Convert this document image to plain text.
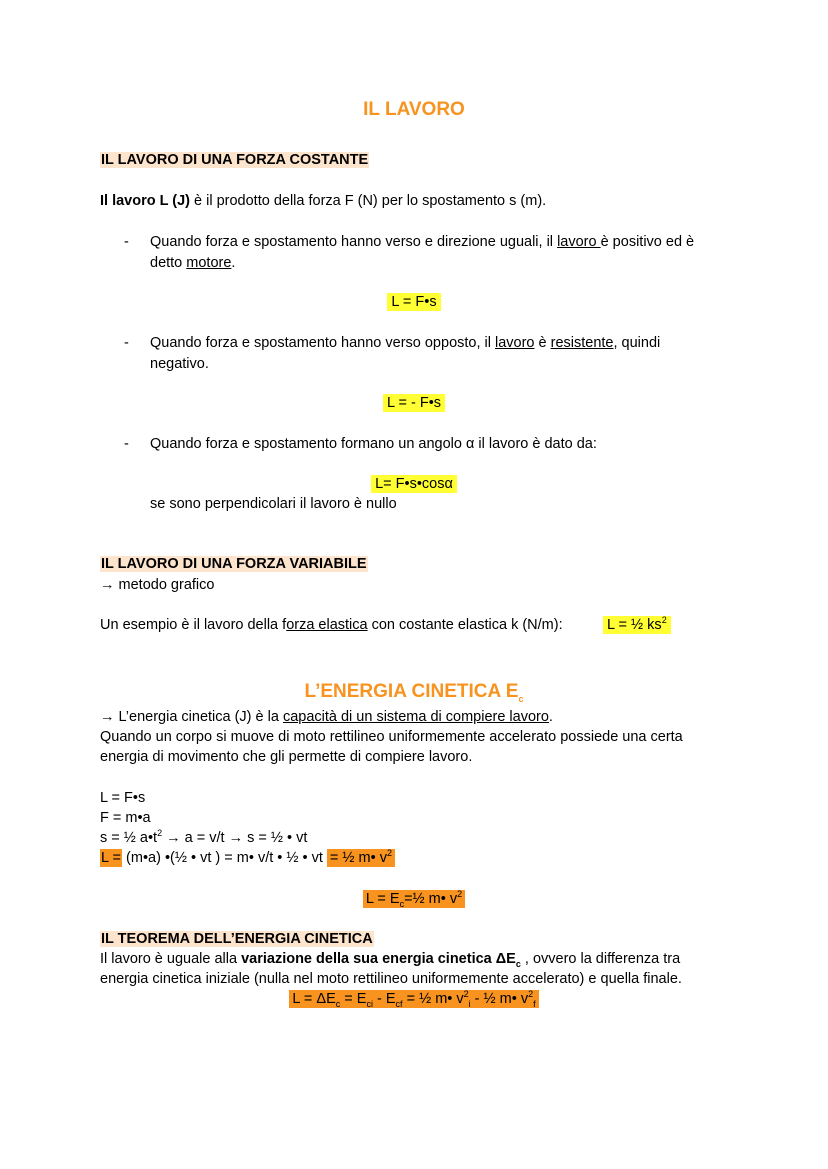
IL LAVORO
IL LAVORO DI UNA FORZA COSTANTE
Il lavoro L (J) è il prodotto della forza F (N) per lo spostamento s (m).
- Quando forza e spostamento hanno verso e direzione uguali, il lavoro è positivo ed è
detto motore.
L = F•s
- Quando forza e spostamento hanno verso opposto, il lavoro è resistente, quindi
negativo.
L = - F•s
- Quando forza e spostamento formano un angolo α il lavoro è dato da:
L= F•s•cosα
se sono perpendicolari il lavoro è nullo
IL LAVORO DI UNA FORZA VARIABILE
→ metodo grafico
Un esempio è il lavoro della forza elastica con costante elastica k (N/m):	L = ½ $ks^2$
L’ENERGIA CINETICA $E_c$
→ L’energia cinetica (J) è la capacità di un sistema di compiere lavoro.
Quando un corpo si muove di moto rettilineo uniformemente accelerato possiede una certa
energia di movimento che gli permette di compiere lavoro.
L = F•s
F = m•a
s = ½ $a•t^2 \to a = v/t \to s$ = ½ • vt
L = (m•a) •(½ • vt ) = m• v/t • ½ • vt = ½ m• $v^2$
$L = E_c=\frac{1}{2}$ m• $v^2$
IL TEOREMA DELL’ENERGIA CINETICA
Il lavoro è uguale alla variazione della sua energia cinetica $\Delta E_c$ , ovvero la differenza tra
energia cinetica iniziale (nulla nel moto rettilineo uniformemente accelerato) e quella finale.
$L = \Delta E_c = E_{ci} - E_{cf}$ = ½ m• $v^2_i$ - ½ m• $v^2_f$
